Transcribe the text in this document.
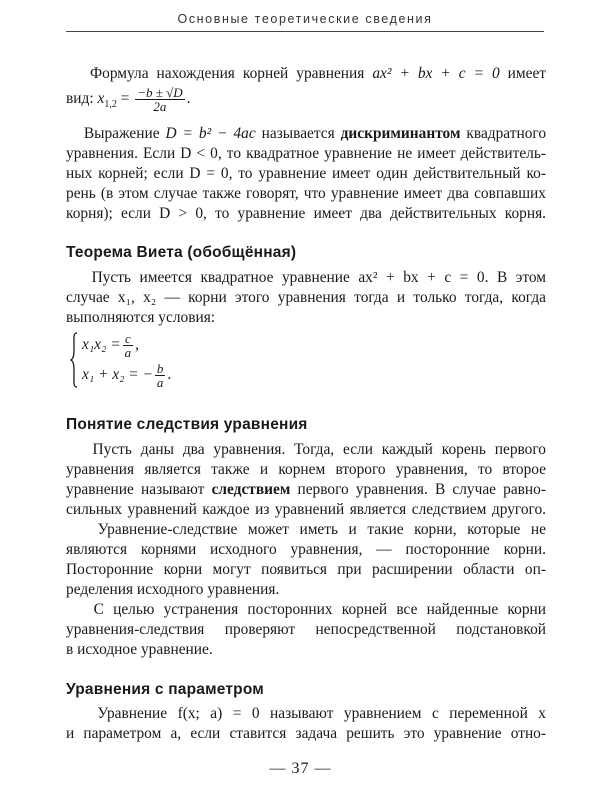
Основные теоретические сведения
Формула нахождения корней уравнения ax² + bx + c = 0 имеет
вид: $x_{1,2} = \frac{-b \pm √D}{2a}$ .
Выражение D = b² − 4ac называется дискриминантом квадратного
уравнения. Если D < 0, то квадратное уравнение не имеет действитель-
ных корней; если D = 0, то уравнение имеет один действительный ко-
рень (в этом случае также говорят, что уравнение имеет два совпавших
корня); если D > 0, то уравнение имеет два действительных корня.
Теорема Виета (обобщённая)
Пусть имеется квадратное уравнение ax² + bx + c = 0. В этом
случае x₁, x₂ — корни этого уравнения тогда и только тогда, когда
выполняются условия:
$x_1x_2 = \frac{c}{a}$ ,
x₁ + x₂ = − $\frac{b}{a}$ .
Понятие следствия уравнения
Пусть даны два уравнения. Тогда, если каждый корень первого
уравнения является также и корнем второго уравнения, то второе
уравнение называют следствием первого уравнения. В случае равно-
сильных уравнений каждое из уравнений является следствием другого.
Уравнение-следствие может иметь и такие корни, которые не
являются корнями исходного уравнения, — посторонние корни.
Посторонние корни могут появиться при расширении области оп-
ределения исходного уравнения.
С целью устранения посторонних корней все найденные корни
уравнения-следствия проверяют непосредственной подстановкой
в исходное уравнение.
Уравнения с параметром
Уравнение f(x; a) = 0 называют уравнением с переменной x
и параметром a, если ставится задача решить это уравнение отно-
— 37 —
